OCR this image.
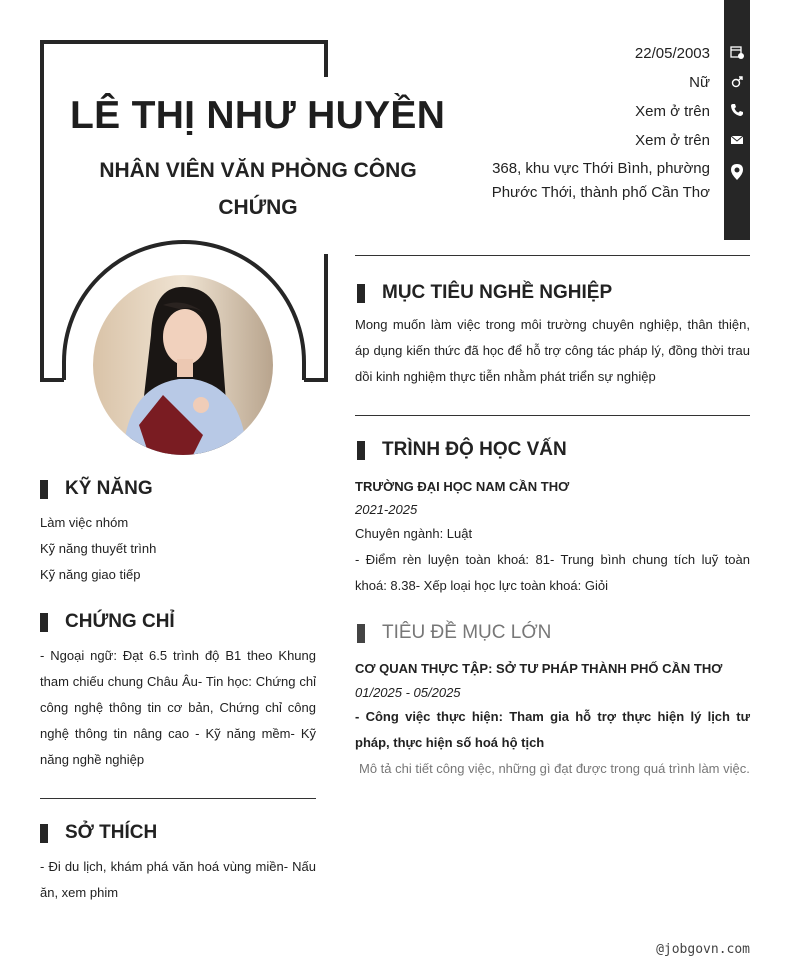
LÊ THỊ NHƯ HUYỀN
NHÂN VIÊN VĂN PHÒNG CÔNG CHỨNG
22/05/2003
Nữ
Xem ở trên
Xem ở trên
368, khu vực Thới Bình, phường Phước Thới, thành phố Cần Thơ
MỤC TIÊU NGHỀ NGHIỆP
Mong muốn làm việc trong môi trường chuyên nghiệp, thân thiện, áp dụng kiến thức đã học để hỗ trợ công tác pháp lý, đồng thời trau dồi kinh nghiệm thực tiễn nhằm phát triển sự nghiệp
TRÌNH ĐỘ HỌC VẤN
TRƯỜNG ĐẠI HỌC NAM CẦN THƠ
2021-2025
Chuyên ngành: Luật
- Điểm rèn luyện toàn khoá: 81- Trung bình chung tích luỹ toàn khoá: 8.38- Xếp loại học lực toàn khoá: Giỏi
TIÊU ĐỀ MỤC LỚN
CƠ QUAN THỰC TẬP: SỞ TƯ PHÁP THÀNH PHỐ CẦN THƠ
01/2025 - 05/2025
- Công việc thực hiện: Tham gia hỗ trợ thực hiện lý lịch tư pháp, thực hiện số hoá hộ tịch
Mô tả chi tiết công việc, những gì đạt được trong quá trình làm việc.
KỸ NĂNG
Làm việc nhóm
Kỹ năng thuyết trình
Kỹ năng giao tiếp
CHỨNG CHỈ
- Ngoại ngữ: Đạt 6.5 trình độ B1 theo Khung tham chiếu chung Châu Âu- Tin học: Chứng chỉ công nghệ thông tin cơ bản, Chứng chỉ công nghệ thông tin nâng cao - Kỹ năng mềm- Kỹ năng nghề nghiệp
SỞ THÍCH
- Đi du lịch, khám phá văn hoá vùng miền- Nấu ăn, xem phim
@jobgovn.com
